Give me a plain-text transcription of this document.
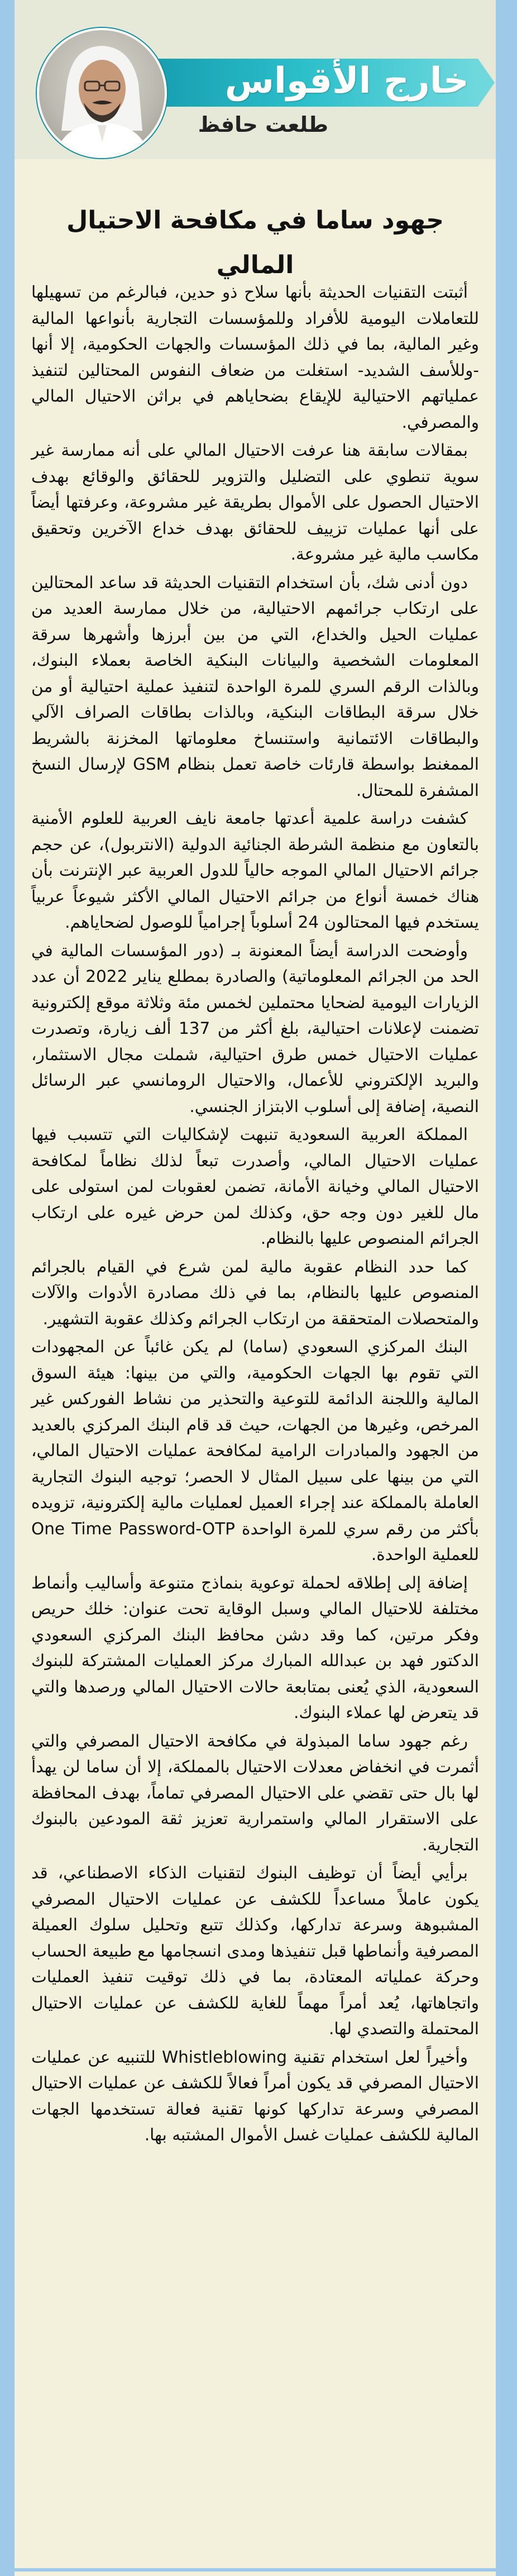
خارج الأقواس
طلعت حافظ
جهود ساما في مكافحة الاحتيال المالي

أثبتت التقنيات الحديثة بأنها سلاح ذو حدين، فبالرغم من تسهيلها للتعاملات اليومية للأفراد وللمؤسسات التجارية بأنواعها المالية وغير المالية، بما في ذلك المؤسسات والجهات الحكومية، إلا أنها -وللأسف الشديد- استغلت من ضعاف النفوس المحتالين لتنفيذ عملياتهم الاحتيالية للإيقاع بضحاياهم في براثن الاحتيال المالي والمصرفي.

بمقالات سابقة هنا عرفت الاحتيال المالي على أنه ممارسة غير سوية تنطوي على التضليل والتزوير للحقائق والوقائع بهدف الاحتيال الحصول على الأموال بطريقة غير مشروعة، وعرفتها أيضاً على أنها عمليات تزييف للحقائق بهدف خداع الآخرين وتحقيق مكاسب مالية غير مشروعة.

دون أدنى شك، بأن استخدام التقنيات الحديثة قد ساعد المحتالين على ارتكاب جرائمهم الاحتيالية، من خلال ممارسة العديد من عمليات الحيل والخداع، التي من بين أبرزها وأشهرها سرقة المعلومات الشخصية والبيانات البنكية الخاصة بعملاء البنوك، وبالذات الرقم السري للمرة الواحدة لتنفيذ عملية احتيالية أو من خلال سرقة البطاقات البنكية، وبالذات بطاقات الصراف الآلي والبطاقات الائتمانية واستنساخ معلوماتها المخزنة بالشريط الممغنط بواسطة قارئات خاصة تعمل بنظام GSM لإرسال النسخ المشفرة للمحتال.

كشفت دراسة علمية أعدتها جامعة نايف العربية للعلوم الأمنية بالتعاون مع منظمة الشرطة الجنائية الدولية (الانتربول)، عن حجم جرائم الاحتيال المالي الموجه حالياً للدول العربية عبر الإنترنت بأن هناك خمسة أنواع من جرائم الاحتيال المالي الأكثر شيوعاً عربياً يستخدم فيها المحتالون 24 أسلوباً إجرامياً للوصول لضحاياهم.

وأوضحت الدراسة أيضاً المعنونة بـ (دور المؤسسات المالية في الحد من الجرائم المعلوماتية) والصادرة بمطلع يناير 2022 أن عدد الزيارات اليومية لضحايا محتملين لخمس مئة وثلاثة موقع إلكترونية تضمنت لإعلانات احتيالية، بلغ أكثر من 137 ألف زيارة، وتصدرت عمليات الاحتيال خمس طرق احتيالية، شملت مجال الاستثمار، والبريد الإلكتروني للأعمال، والاحتيال الرومانسي عبر الرسائل النصية، إضافة إلى أسلوب الابتزاز الجنسي.

المملكة العربية السعودية تنبهت لإشكاليات التي تتسبب فيها عمليات الاحتيال المالي، وأصدرت تبعاً لذلك نظاماً لمكافحة الاحتيال المالي وخيانة الأمانة، تضمن لعقوبات لمن استولى على مال للغير دون وجه حق، وكذلك لمن حرض غيره على ارتكاب الجرائم المنصوص عليها بالنظام.

كما حدد النظام عقوبة مالية لمن شرع في القيام بالجرائم المنصوص عليها بالنظام، بما في ذلك مصادرة الأدوات والآلات والمتحصلات المتحققة من ارتكاب الجرائم وكذلك عقوبة التشهير.

البنك المركزي السعودي (ساما) لم يكن غائباً عن المجهودات التي تقوم بها الجهات الحكومية، والتي من بينها: هيئة السوق المالية واللجنة الدائمة للتوعية والتحذير من نشاط الفوركس غير المرخص، وغيرها من الجهات، حيث قد قام البنك المركزي بالعديد من الجهود والمبادرات الرامية لمكافحة عمليات الاحتيال المالي، التي من بينها على سبيل المثال لا الحصر؛ توجيه البنوك التجارية العاملة بالمملكة عند إجراء العميل لعمليات مالية إلكترونية، تزويده بأكثر من رقم سري للمرة الواحدة One Time Password-OTP للعملية الواحدة.

إضافة إلى إطلاقه لحملة توعوية بنماذج متنوعة وأساليب وأنماط مختلفة للاحتيال المالي وسبل الوقاية تحت عنوان: خلك حريص وفكر مرتين، كما وقد دشن محافظ البنك المركزي السعودي الدكتور فهد بن عبدالله المبارك مركز العمليات المشتركة للبنوك السعودية، الذي يُعنى بمتابعة حالات الاحتيال المالي ورصدها والتي قد يتعرض لها عملاء البنوك.

رغم جهود ساما المبذولة في مكافحة الاحتيال المصرفي والتي أثمرت في انخفاض معدلات الاحتيال بالمملكة، إلا أن ساما لن يهدأ لها بال حتى تقضي على الاحتيال المصرفي تماماً، بهدف المحافظة على الاستقرار المالي واستمرارية تعزيز ثقة المودعين بالبنوك التجارية.

برأيي أيضاً أن توظيف البنوك لتقنيات الذكاء الاصطناعي، قد يكون عاملاً مساعداً للكشف عن عمليات الاحتيال المصرفي المشبوهة وسرعة تداركها، وكذلك تتبع وتحليل سلوك العميلة المصرفية وأنماطها قبل تنفيذها ومدى انسجامها مع طبيعة الحساب وحركة عملياته المعتادة، بما في ذلك توقيت تنفيذ العمليات واتجاهاتها، يُعد أمراً مهماً للغاية للكشف عن عمليات الاحتيال المحتملة والتصدي لها.

وأخيراً لعل استخدام تقنية Whistleblowing للتنبيه عن عمليات الاحتيال المصرفي قد يكون أمراً فعالاً للكشف عن عمليات الاحتيال المصرفي وسرعة تداركها كونها تقنية فعالة تستخدمها الجهات المالية للكشف عمليات غسل الأموال المشتبه بها.
